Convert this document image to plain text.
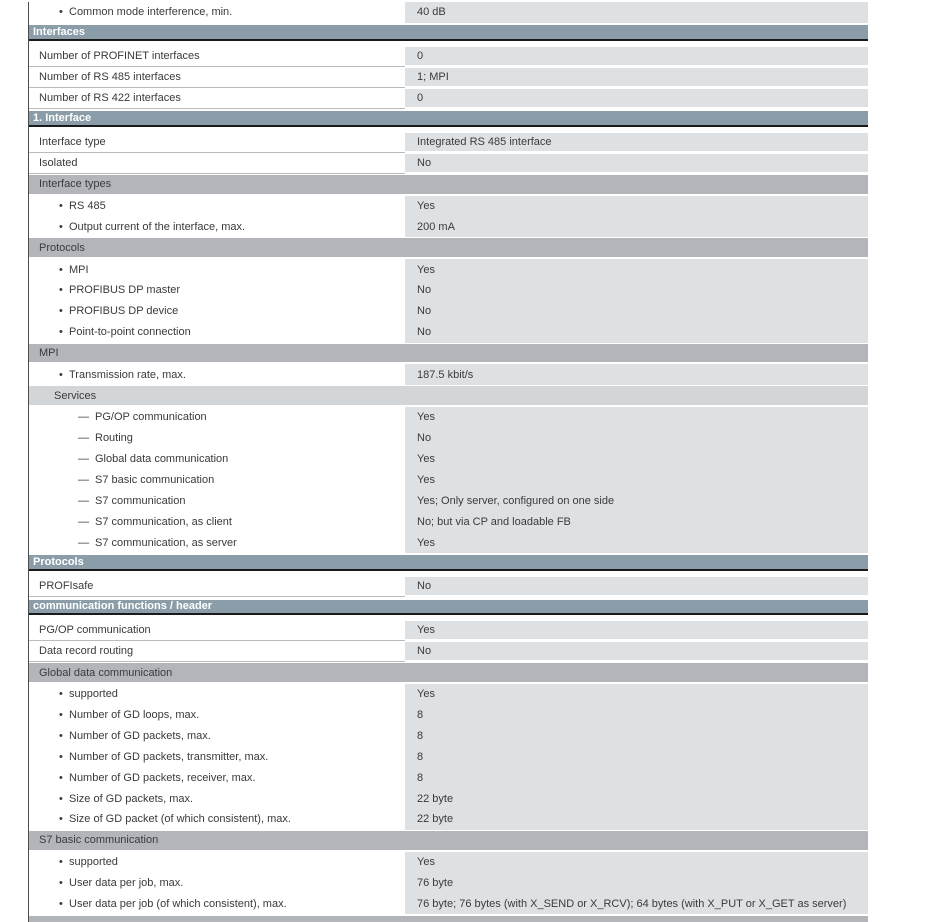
• Common mode interference, min.	40 dB
Interfaces
Number of PROFINET interfaces	0
Number of RS 485 interfaces	1; MPI
Number of RS 422 interfaces	0
1. Interface
Interface type	Integrated RS 485 interface
Isolated	No
Interface types
• RS 485	Yes
• Output current of the interface, max.	200 mA
Protocols
• MPI	Yes
• PROFIBUS DP master	No
• PROFIBUS DP device	No
• Point-to-point connection	No
MPI
• Transmission rate, max.	187.5 kbit/s
Services
— PG/OP communication	Yes
— Routing	No
— Global data communication	Yes
— S7 basic communication	Yes
— S7 communication	Yes; Only server, configured on one side
— S7 communication, as client	No; but via CP and loadable FB
— S7 communication, as server	Yes
Protocols
PROFIsafe	No
communication functions / header
PG/OP communication	Yes
Data record routing	No
Global data communication
• supported	Yes
• Number of GD loops, max.	8
• Number of GD packets, max.	8
• Number of GD packets, transmitter, max.	8
• Number of GD packets, receiver, max.	8
• Size of GD packets, max.	22 byte
• Size of GD packet (of which consistent), max.	22 byte
S7 basic communication
• supported	Yes
• User data per job, max.	76 byte
• User data per job (of which consistent), max.	76 byte; 76 bytes (with X_SEND or X_RCV); 64 bytes (with X_PUT or X_GET as server)
